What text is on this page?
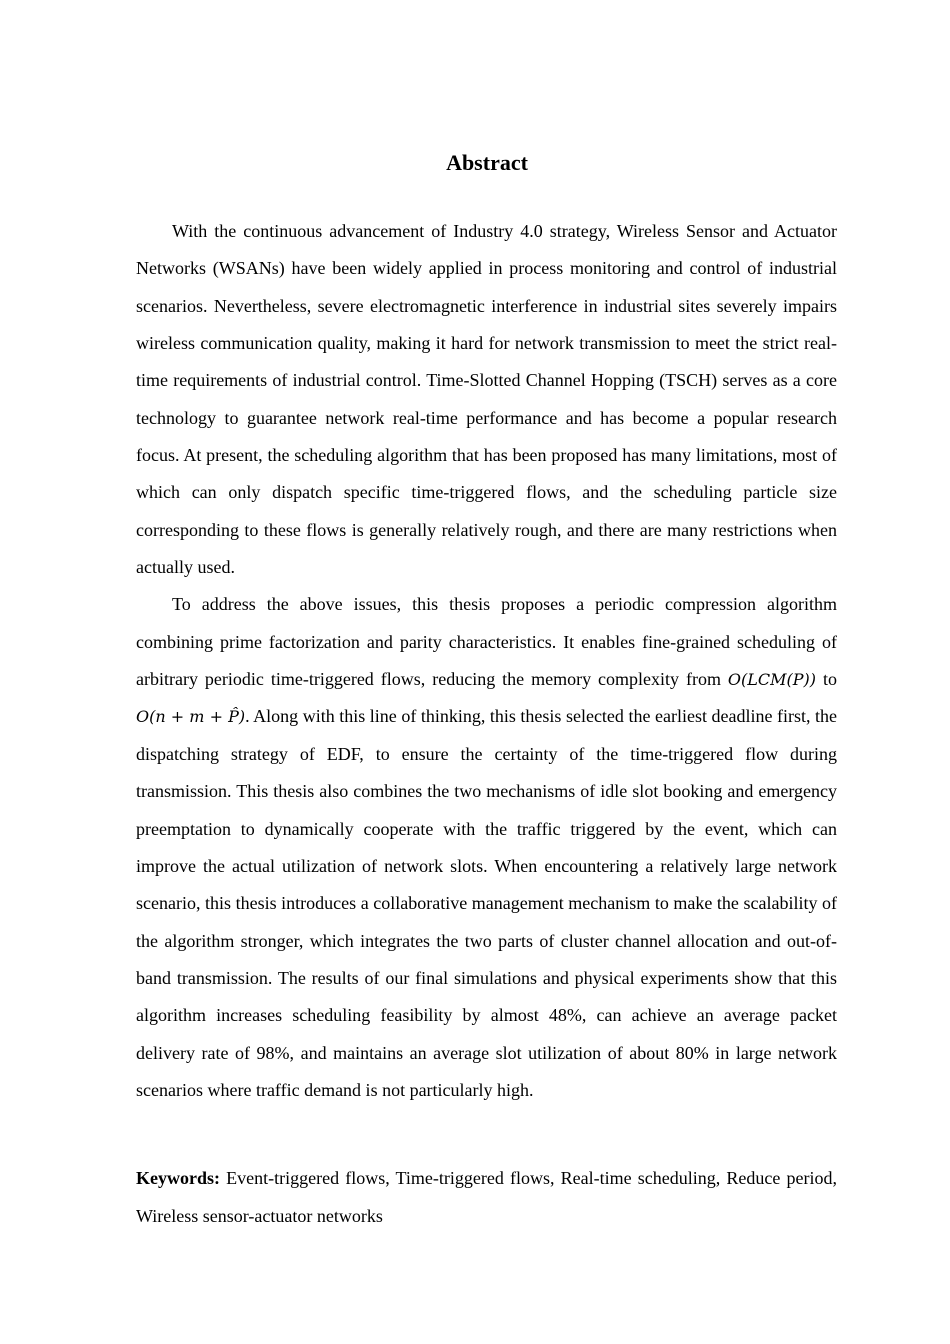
Abstract

With the continuous advancement of Industry 4.0 strategy, Wireless Sensor and Actuator Networks (WSANs) have been widely applied in process monitoring and control of industrial scenarios. Nevertheless, severe electromagnetic interference in industrial sites severely impairs wireless communication quality, making it hard for network transmission to meet the strict real-time requirements of industrial control. Time-Slotted Channel Hopping (TSCH) serves as a core technology to guarantee network real-time performance and has become a popular research focus. At present, the scheduling algorithm that has been proposed has many limitations, most of which can only dispatch specific time-triggered flows, and the scheduling particle size corresponding to these flows is generally relatively rough, and there are many restrictions when actually used.

To address the above issues, this thesis proposes a periodic compression algorithm combining prime factorization and parity characteristics. It enables fine-grained scheduling of arbitrary periodic time-triggered flows, reducing the memory complexity from O(LCM(P)) to O(n + m + P̂). Along with this line of thinking, this thesis selected the earliest deadline first, the dispatching strategy of EDF, to ensure the certainty of the time-triggered flow during transmission. This thesis also combines the two mechanisms of idle slot booking and emergency preemptation to dynamically cooperate with the traffic triggered by the event, which can improve the actual utilization of network slots. When encountering a relatively large network scenario, this thesis introduces a collaborative management mechanism to make the scalability of the algorithm stronger, which integrates the two parts of cluster channel allocation and out-of-band transmission. The results of our final simulations and physical experiments show that this algorithm increases scheduling feasibility by almost 48%, can achieve an average packet delivery rate of 98%, and maintains an average slot utilization of about 80% in large network scenarios where traffic demand is not particularly high.

Keywords: Event-triggered flows, Time-triggered flows, Real-time scheduling, Reduce period, Wireless sensor-actuator networks
